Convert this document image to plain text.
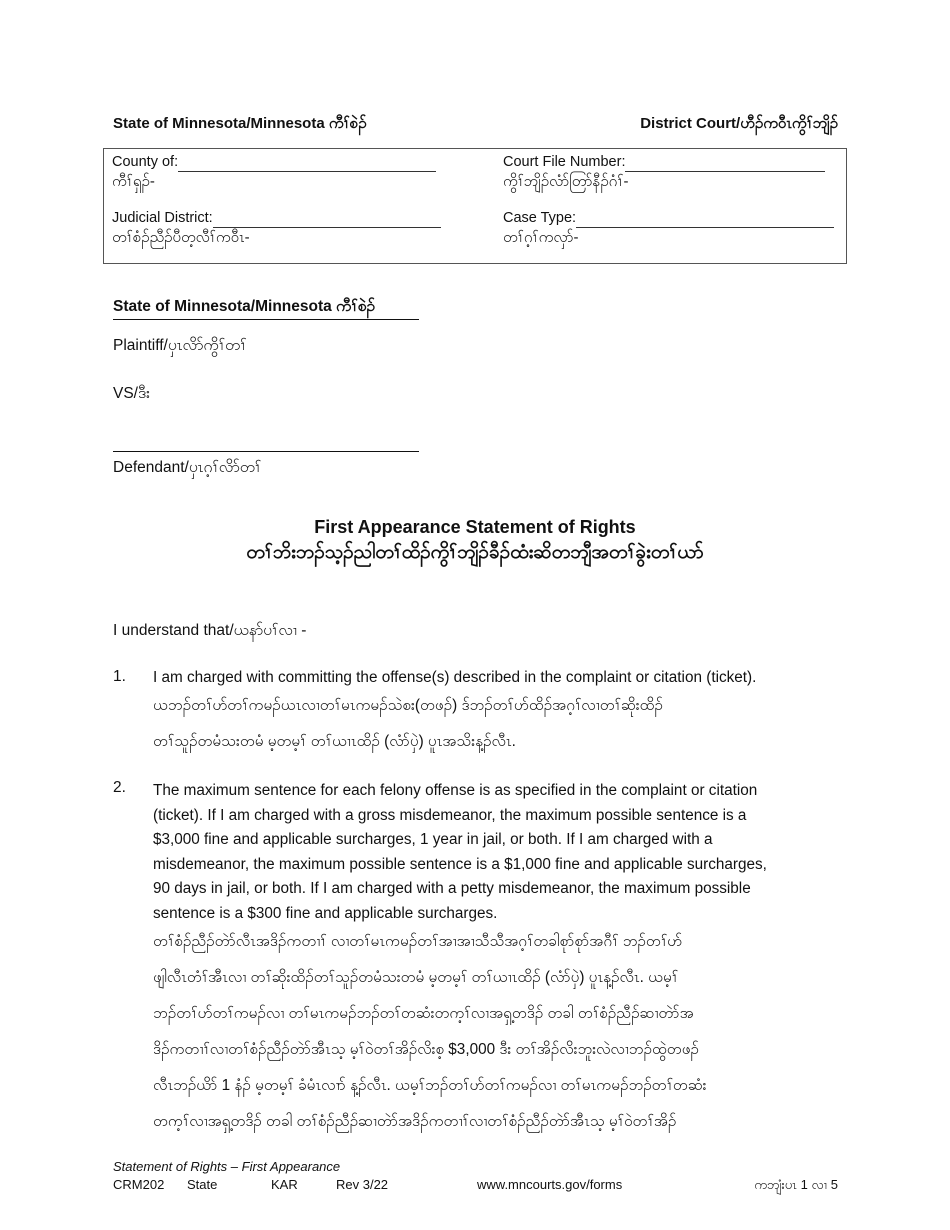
State of Minnesota/Minnesota ကီၢ်စဲၣ်	District Court/ဟီၣ်ကဝီၤကွိၢ်ဘျိၣ်
County of:
ကီၢ်ရှၣ်-
Judicial District:
တၢ်စံၣ်ညီၣ်ပီတ့လီၢ်ကဝီၤ-
Court File Number:
ကွိၢ်ဘျိၣ်လံာ်တြာ်နီၣ်ဂံၢ်-
Case Type:
တၢ်ဂ့ၢ်ကလှာ်-
State of Minnesota/Minnesota ကီၢ်စဲၣ်
Plaintiff/ပှၤလိာ်ကွိၢ်တၢ်
VS/ဒီး
Defendant/ပှၤဂ့ၢ်လိာ်တၢ်
First Appearance Statement of Rights
တၢ်ဘိးဘၣ်သ့ၣ်ညါတၢ်ထိၣ်ကွိၢ်ဘျိၣ်ခီၣ်ထံးဆိတဘျီအတၢ်ခွဲးတၢ်ယာ်
I understand that/ယနာ်ပၢ်လၢ -
1. I am charged with committing the offense(s) described in the complaint or citation (ticket).
ယဘၣ်တၢ်ဟ်တၢ်ကမၣ်ယၤလၢတၢ်မၤကမၣ်သဲစး(တဖၣ်) ဒ်ဘၣ်တၢ်ဟ်ထိၣ်အဂ့ၢ်လၢတၢ်ဆိုးထိၣ်
တၢ်သူၣ်တမံသးတမံ မ့တမ့ၢ် တၢ်ယၢၤထိၣ် (လံာ်ပှဲ) ပူၤအသိးန့ၣ်လီၤ.
2. The maximum sentence for each felony offense is as specified in the complaint or citation
(ticket). If I am charged with a gross misdemeanor, the maximum possible sentence is a
$3,000 fine and applicable surcharges, 1 year in jail, or both. If I am charged with a
misdemeanor, the maximum possible sentence is a $1,000 fine and applicable surcharges,
90 days in jail, or both. If I am charged with a petty misdemeanor, the maximum possible
sentence is a $300 fine and applicable surcharges.
တၢ်စံၣ်ညီၣ်တဲာ်လီၤအဒိၣ်ကတၢၢ် လၢတၢ်မၤကမၣ်တၢ်အၢအၢသီသီအဂ့ၢ်တခါစုာ်စုာ်အဂီၢ် ဘၣ်တၢ်ဟ်
ဖျါလီၤတံၢ်အီၤလၢ တၢ်ဆိုးထိၣ်တၢ်သူၣ်တမံသးတမံ မ့တမ့ၢ် တၢ်ယၢၤထိၣ် (လံာ်ပှဲ) ပူၤန့ၣ်လီၤ. ယမ့ၢ်
ဘၣ်တၢ်ဟ်တၢ်ကမၣ်လၢ တၢ်မၤကမၣ်ဘၣ်တၢ်တဆံးတက့ၢ်လၢအရှ့တဒိၣ် တခါ တၢ်စံၣ်ညီၣ်ဆၢတဲာ်အ
ဒိၣ်ကတၢၢ်လၢတၢ်စံၣ်ညီၣ်တဲာ်အီၤသ့ မ့ၢ်ဝဲတၢ်အိၣ်လိးစ့ $3,000 ဒီး တၢ်အိၣ်လိးဘူးလဲလၢဘၣ်ထွဲတဖၣ်
လီၤဘၣ်ယိာ် 1 နံၣ် မ့တမ့ၢ် ခံမံၤလၢာ် န့ၣ်လီၤ. ယမ့ၢ်ဘၣ်တၢ်ဟ်တၢ်ကမၣ်လၢ တၢ်မၤကမၣ်ဘၣ်တၢ်တဆံး
တက့ၢ်လၢအရှ့တဒိၣ် တခါ တၢ်စံၣ်ညီၣ်ဆၢတဲာ်အဒိၣ်ကတၢၢ်လၢတၢ်စံၣ်ညီၣ်တဲာ်အီၤသ့ မ့ၢ်ဝဲတၢ်အိၣ်
Statement of Rights – First Appearance
CRM202 State	KAR	Rev 3/22	www.mncourts.gov/forms	ကဘျံးပၤ 1 လၢ 5
